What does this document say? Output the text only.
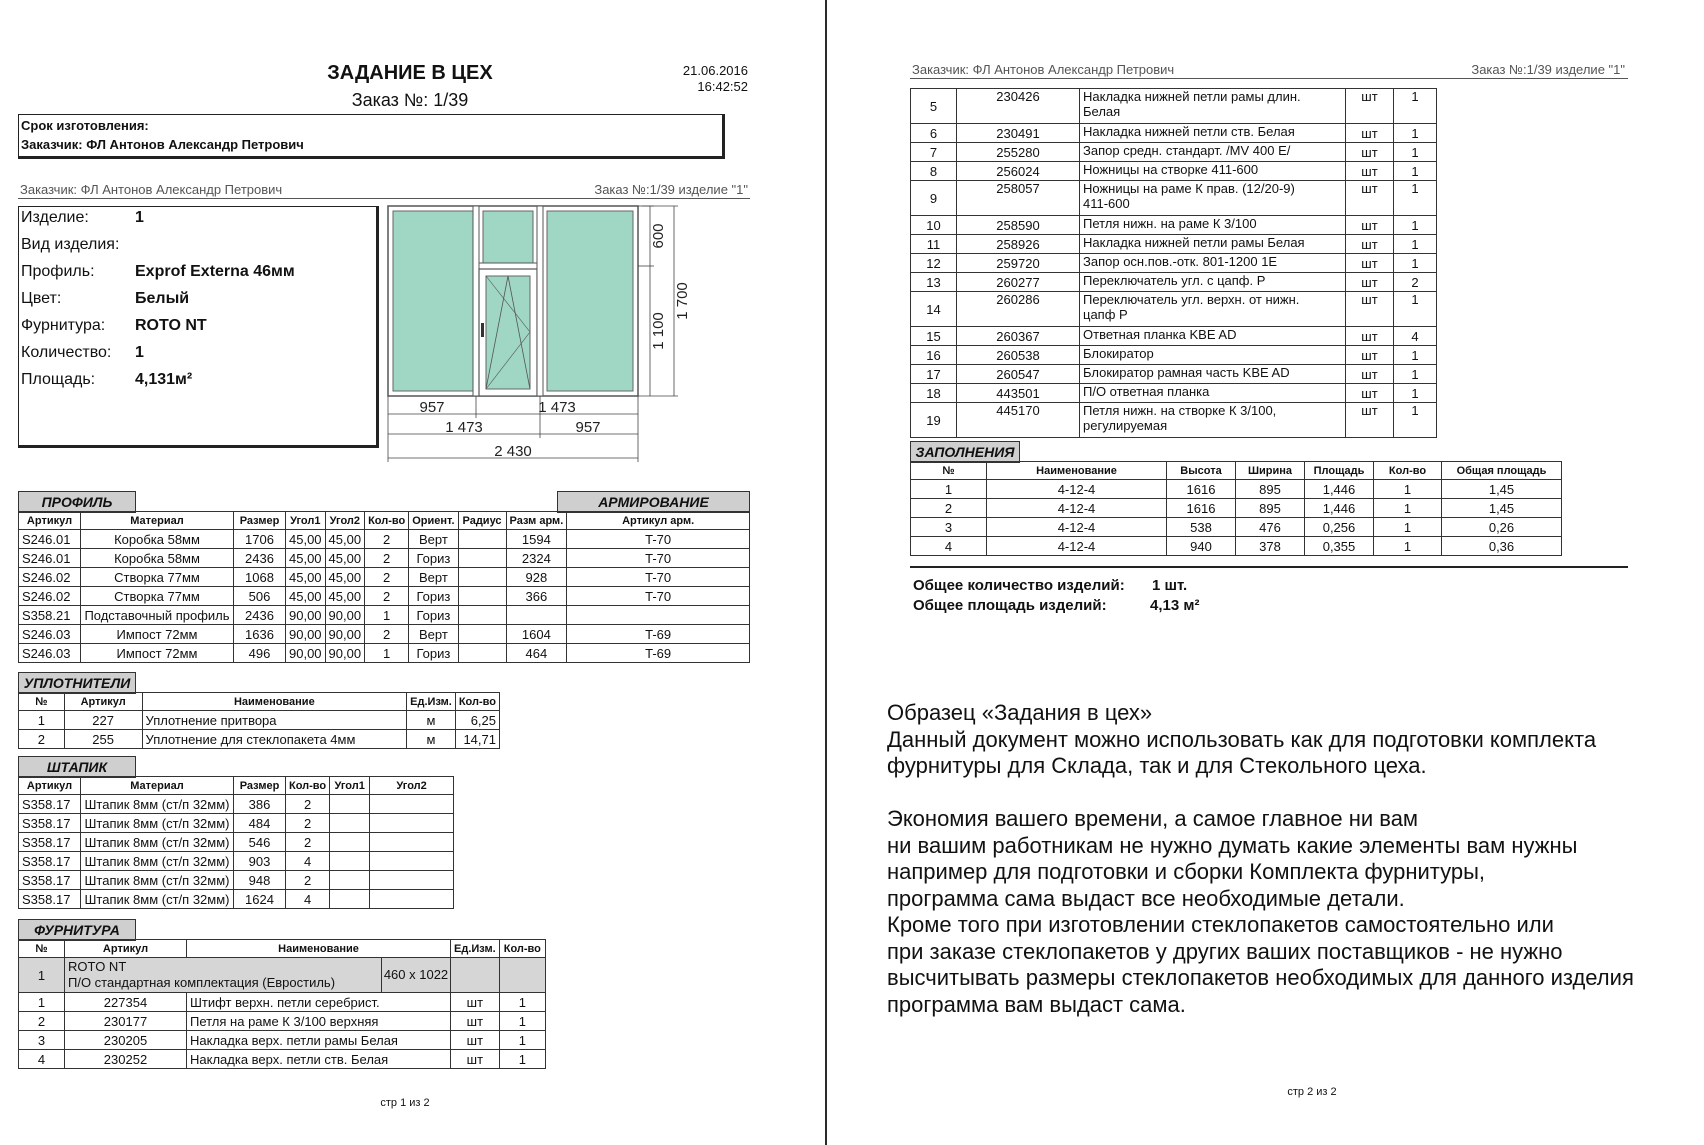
ЗАДАНИЕ В ЦЕХ
Заказ №: 1/39
21.06.2016
16:42:52
Срок изготовления:
Заказчик: ФЛ Антонов Александр Петрович
Заказчик: ФЛ Антонов Александр Петрович	Заказ №:1/39 изделие "1"
Изделие:	1
Вид изделия:
Профиль:	Exprof Externa 46мм
Цвет:	Белый
Фурнитура: ROTO NT
Количество: 1
Площадь: 4,131м²
600
1 100
1 700
957	1 473
1 473	957
2 430
ПРОФИЛЬ	АРМИРОВАНИЕ
Артикул	Материал	Размер	Угол1	Угол2	Кол-во	Ориент.	Радиус	Разм арм.	Артикул арм.
S246.01	Коробка 58мм	1706	45,00	45,00	2	Верт		1594	T-70
S246.01	Коробка 58мм	2436	45,00	45,00	2	Гориз		2324	T-70
S246.02	Створка 77мм	1068	45,00	45,00	2	Верт		928	T-70
S246.02	Створка 77мм	506	45,00	45,00	2	Гориз		366	T-70
S358.21	Подставочный профиль	2436	90,00	90,00	1	Гориз			
S246.03	Импост 72мм	1636	90,00	90,00	2	Верт		1604	T-69
S246.03	Импост 72мм	496	90,00	90,00	1	Гориз		464	T-69
УПЛОТНИТЕЛИ
№	Артикул	Наименование	Ед.Изм.	Кол-во
1	227	Уплотнение притвора	м	6,25
2	255	Уплотнение для стеклопакета 4мм	м	14,71
ШТАПИК
Артикул	Материал	Размер	Кол-во	Угол1	Угол2
S358.17	Штапик 8мм (ст/п 32мм)	386	2		
S358.17	Штапик 8мм (ст/п 32мм)	484	2		
S358.17	Штапик 8мм (ст/п 32мм)	546	2		
S358.17	Штапик 8мм (ст/п 32мм)	903	4		
S358.17	Штапик 8мм (ст/п 32мм)	948	2		
S358.17	Штапик 8мм (ст/п 32мм)	1624	4		
ФУРНИТУРА
№	Артикул	Наименование	Ед.Изм.	Кол-во
1	ROTO NT
П/О стандартная комплектация (Евростиль)
460 x 1022			

1	227354	Штифт верхн. петли серебрист.	шт	1
2	230177	Петля на раме К 3/100 верхняя	шт	1
3	230205	Накладка верх. петли рамы Белая	шт	1
4	230252	Накладка верх. петли ств. Белая	шт	1
стр 1 из 2
Заказчик: ФЛ Антонов Александр Петрович	Заказ №:1/39 изделие "1"
5	230426	Накладка нижней петли рамы длин.
Белая	шт	1
6	230491	Накладка нижней петли ств. Белая	шт	1
7	255280	Запор средн. стандарт. /MV 400 E/	шт	1
8	256024	Ножницы на створке 411-600	шт	1
9	258057	Ножницы на раме К прав. (12/20-9)
411-600	шт	1
10	258590	Петля нижн. на раме К 3/100	шт	1
11	258926	Накладка нижней петли рамы Белая	шт	1
12	259720	Запор осн.пов.-отк. 801-1200 1E	шт	1
13	260277	Переключатель угл. с цапф. Р	шт	2
14	260286	Переключатель угл. верхн. от нижн.
цапф Р	шт	1
15	260367	Ответная планка KBE AD	шт	4
16	260538	Блокиратор	шт	1
17	260547	Блокиратор рамная часть KBE AD	шт	1
18	443501	П/О ответная планка	шт	1
19	445170	Петля нижн. на створке К 3/100,
регулируемая	шт	1
ЗАПОЛНЕНИЯ
№	Наименование	Высота	Ширина	Площадь	Кол-во	Общая площадь
1	4-12-4	1616	895	1,446	1	1,45
2	4-12-4	1616	895	1,446	1	1,45
3	4-12-4	538	476	0,256	1	0,26
4	4-12-4	940	378	0,355	1	0,36
Общее количество изделий: 1 шт.
Общее площадь изделий:	4,13 м²
стр 2 из 2
Образец «Задания в цех»
Данный документ можно использовать как для подготовки комплекта
фурнитуры для Склада, так и для Стекольного цеха.
Экономия вашего времени, а самое главное ни вам
ни вашим работникам не нужно думать какие элементы вам нужны
например для подготовки и сборки Комплекта фурнитуры,
программа сама выдаст все необходимые детали.
Кроме того при изготовлении стеклопакетов самостоятельно или
при заказе стеклопакетов у других ваших поставщиков - не нужно
высчитывать размеры стеклопакетов необходимых для данного изделия
программа вам выдаст сама.
